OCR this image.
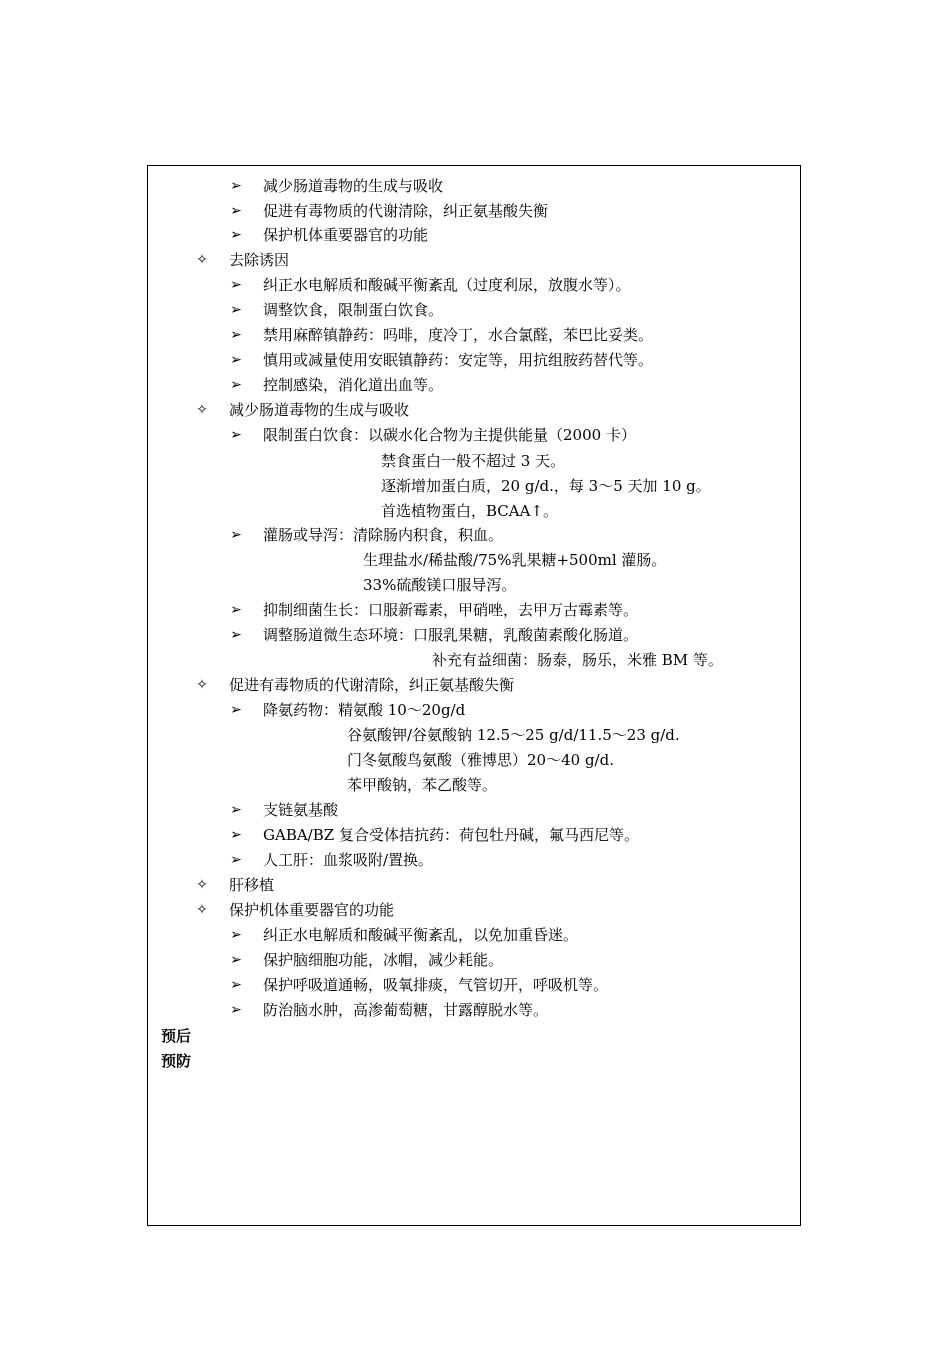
➢ 减少肠道毒物的生成与吸收
➢ 促进有毒物质的代谢清除，纠正氨基酸失衡
➢ 保护机体重要器官的功能
✧ 去除诱因
➢ 纠正水电解质和酸碱平衡紊乱（过度利尿，放腹水等）。
➢ 调整饮食，限制蛋白饮食。
➢ 禁用麻醉镇静药：吗啡，度冷丁，水合氯醛，苯巴比妥类。
➢ 慎用或减量使用安眠镇静药：安定等，用抗组胺药替代等。
➢ 控制感染，消化道出血等。
✧ 减少肠道毒物的生成与吸收
➢ 限制蛋白饮食：以碳水化合物为主提供能量（2000 卡）
禁食蛋白一般不超过 3 天。
逐渐增加蛋白质，20 g/d.，每 3～5 天加 10 g。
首选植物蛋白，BCAA↑。
➢ 灌肠或导泻：清除肠内积食，积血。
生理盐水/稀盐酸/75%乳果糖+500ml 灌肠。
33%硫酸镁口服导泻。
➢ 抑制细菌生长：口服新霉素，甲硝唑，去甲万古霉素等。
➢ 调整肠道微生态环境：口服乳果糖，乳酸菌素酸化肠道。
补充有益细菌：肠泰，肠乐，米雅 BM 等。
✧ 促进有毒物质的代谢清除，纠正氨基酸失衡
➢ 降氨药物：精氨酸 10～20g/d
谷氨酸钾/谷氨酸钠 12.5～25 g/d/11.5～23 g/d.
门冬氨酸鸟氨酸（雅博思）20～40 g/d.
苯甲酸钠，苯乙酸等。
➢ 支链氨基酸
➢ GABA/BZ 复合受体拮抗药：荷包牡丹碱，氟马西尼等。
➢ 人工肝：血浆吸附/置换。
✧ 肝移植
✧ 保护机体重要器官的功能
➢ 纠正水电解质和酸碱平衡紊乱，以免加重昏迷。
➢ 保护脑细胞功能，冰帽，减少耗能。
➢ 保护呼吸道通畅，吸氧排痰，气管切开，呼吸机等。
➢ 防治脑水肿，高渗葡萄糖，甘露醇脱水等。
预后
预防
